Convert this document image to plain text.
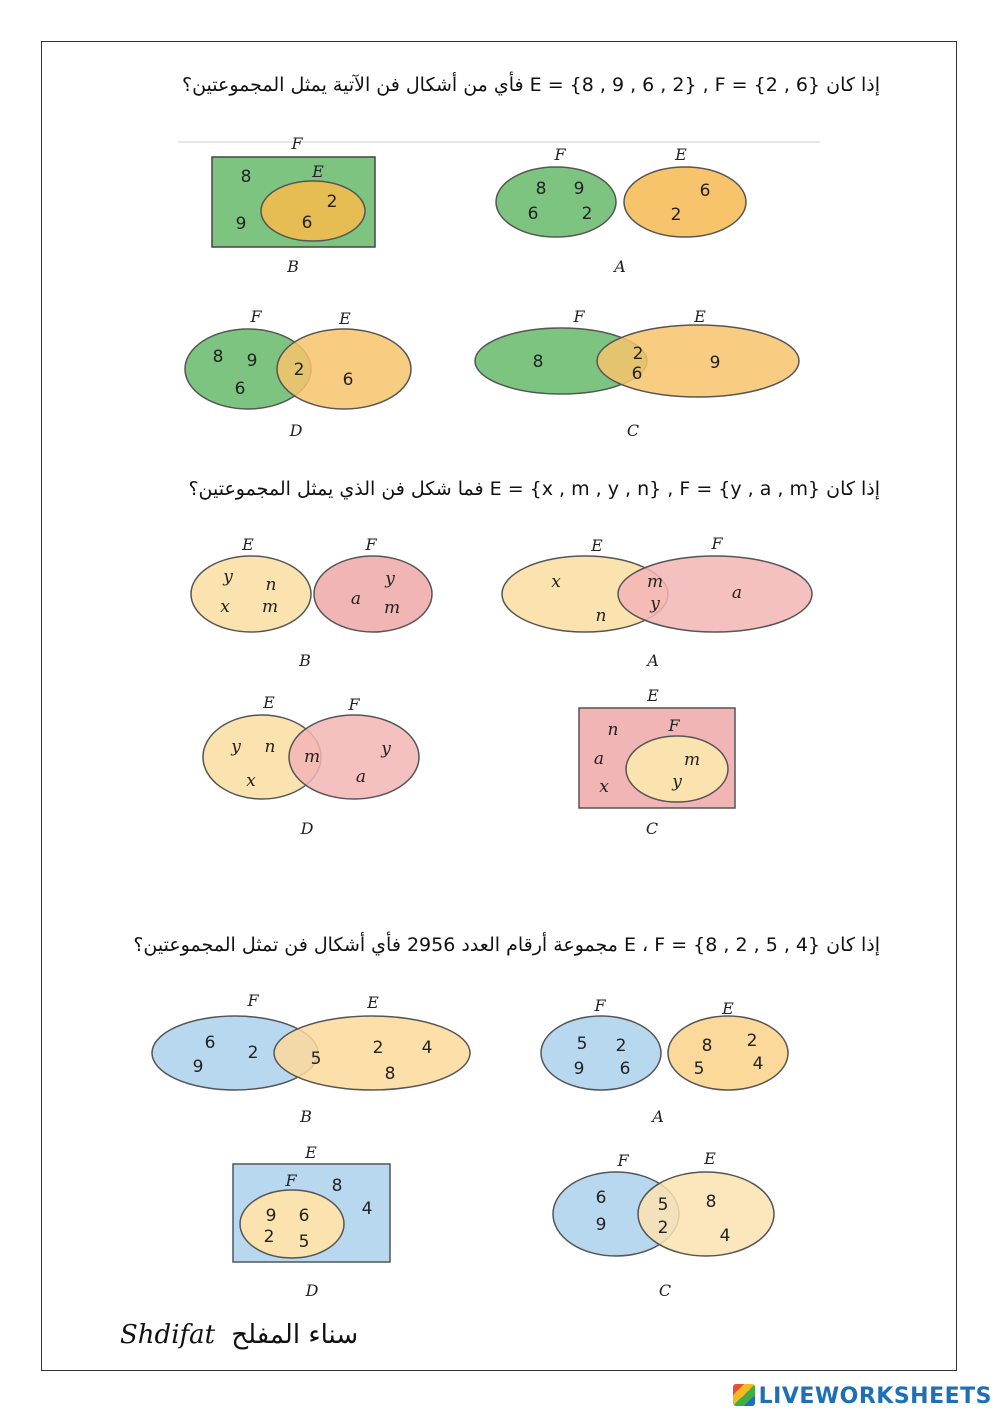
إذا كان {6 , 2} = E = {8 , 9 , 6 , 2} , F فأي من أشكال فن الآتية يمثل المجموعتين؟
إذا كان {y , a , m} = E = {x , m , y , n} , F فما شكل فن الذي يمثل المجموعتين؟
إذا كان {4 , 5 , 2 , 8} = E ، F مجموعة أرقام العدد 2956 فأي أشكال فن تمثل المجموعتين؟
F
E
8
9
2
6
B
F	E
8 9
6	2
6
2
A
F	E
8 9
6
2 6
D
F	E
8	2
6
9
C
E	F
y n
x m
y
a m
B
E	F
x
n
m
y
a
A
E	F
y n
x
m	y
a
D
E
F
n
a
x
m
y
C
F	E
6 2
9	5
2 4
8
B
F	E
5 2
9 6
8 2
5	4
A
E
F 8
4
9 6
2 5
D
F	E
6
9
5
2
8
4
C
Shdifat سناء المفلح
LIVEWORKSHEETS
